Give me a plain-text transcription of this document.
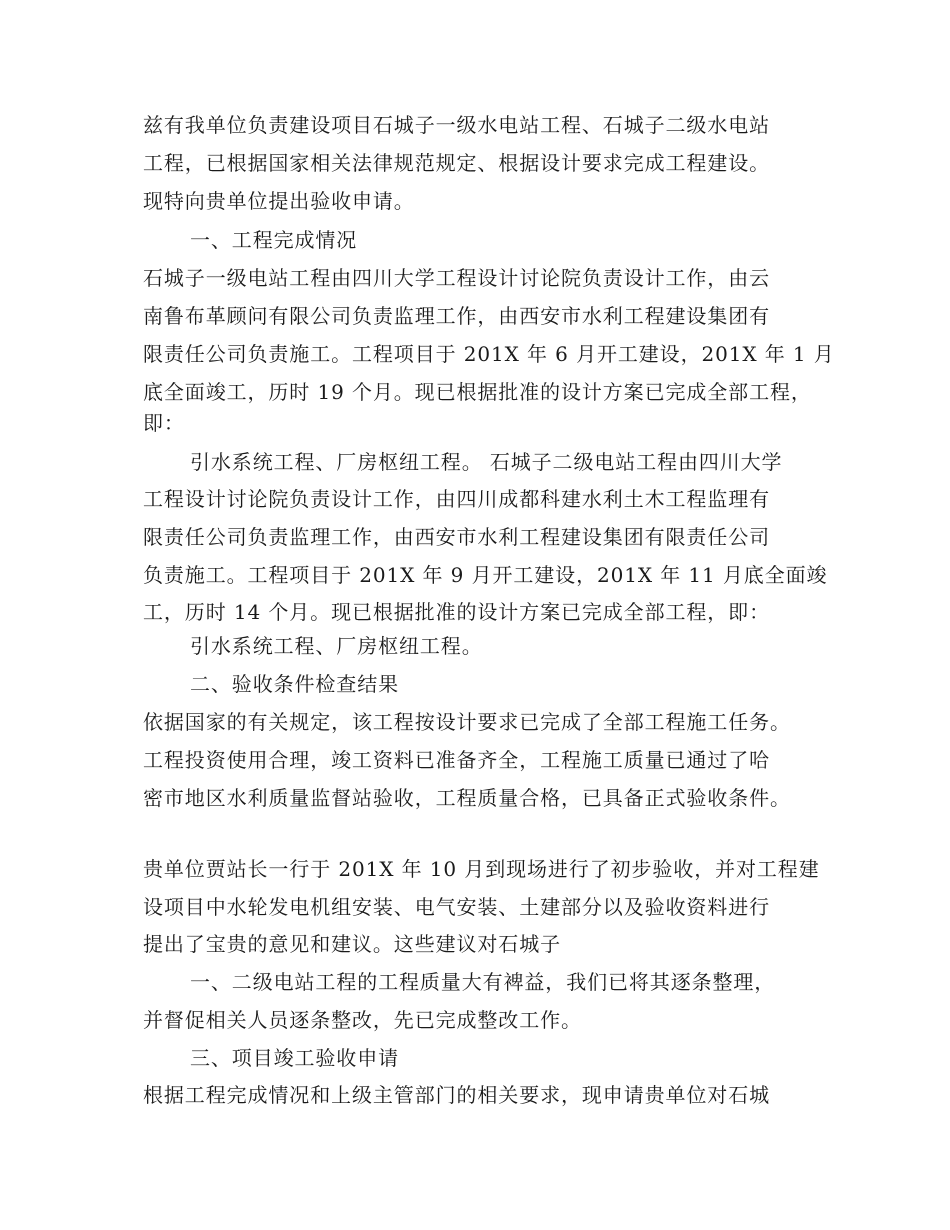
兹有我单位负责建设项目石城子一级水电站工程、石城子二级水电站
工程，已根据国家相关法律规范规定、根据设计要求完成工程建设。
现特向贵单位提出验收申请。
一、工程完成情况
石城子一级电站工程由四川大学工程设计讨论院负责设计工作，由云
南鲁布革顾问有限公司负责监理工作，由西安市水利工程建设集团有
限责任公司负责施工。工程项目于 201X 年 6 月开工建设，201X 年 1 月
底全面竣工，历时 19 个月。现已根据批准的设计方案已完成全部工程，
即：
引水系统工程、厂房枢纽工程。 石城子二级电站工程由四川大学
工程设计讨论院负责设计工作，由四川成都科建水利土木工程监理有
限责任公司负责监理工作，由西安市水利工程建设集团有限责任公司
负责施工。工程项目于 201X 年 9 月开工建设，201X 年 11 月底全面竣
工，历时 14 个月。现已根据批准的设计方案已完成全部工程，即：
引水系统工程、厂房枢纽工程。
二、验收条件检查结果
依据国家的有关规定，该工程按设计要求已完成了全部工程施工任务。
工程投资使用合理，竣工资料已准备齐全，工程施工质量已通过了哈
密市地区水利质量监督站验收，工程质量合格，已具备正式验收条件。
贵单位贾站长一行于 201X 年 10 月到现场进行了初步验收，并对工程建
设项目中水轮发电机组安装、电气安装、土建部分以及验收资料进行
提出了宝贵的意见和建议。这些建议对石城子
一、二级电站工程的工程质量大有裨益，我们已将其逐条整理，
并督促相关人员逐条整改，先已完成整改工作。
三、项目竣工验收申请
根据工程完成情况和上级主管部门的相关要求，现申请贵单位对石城
